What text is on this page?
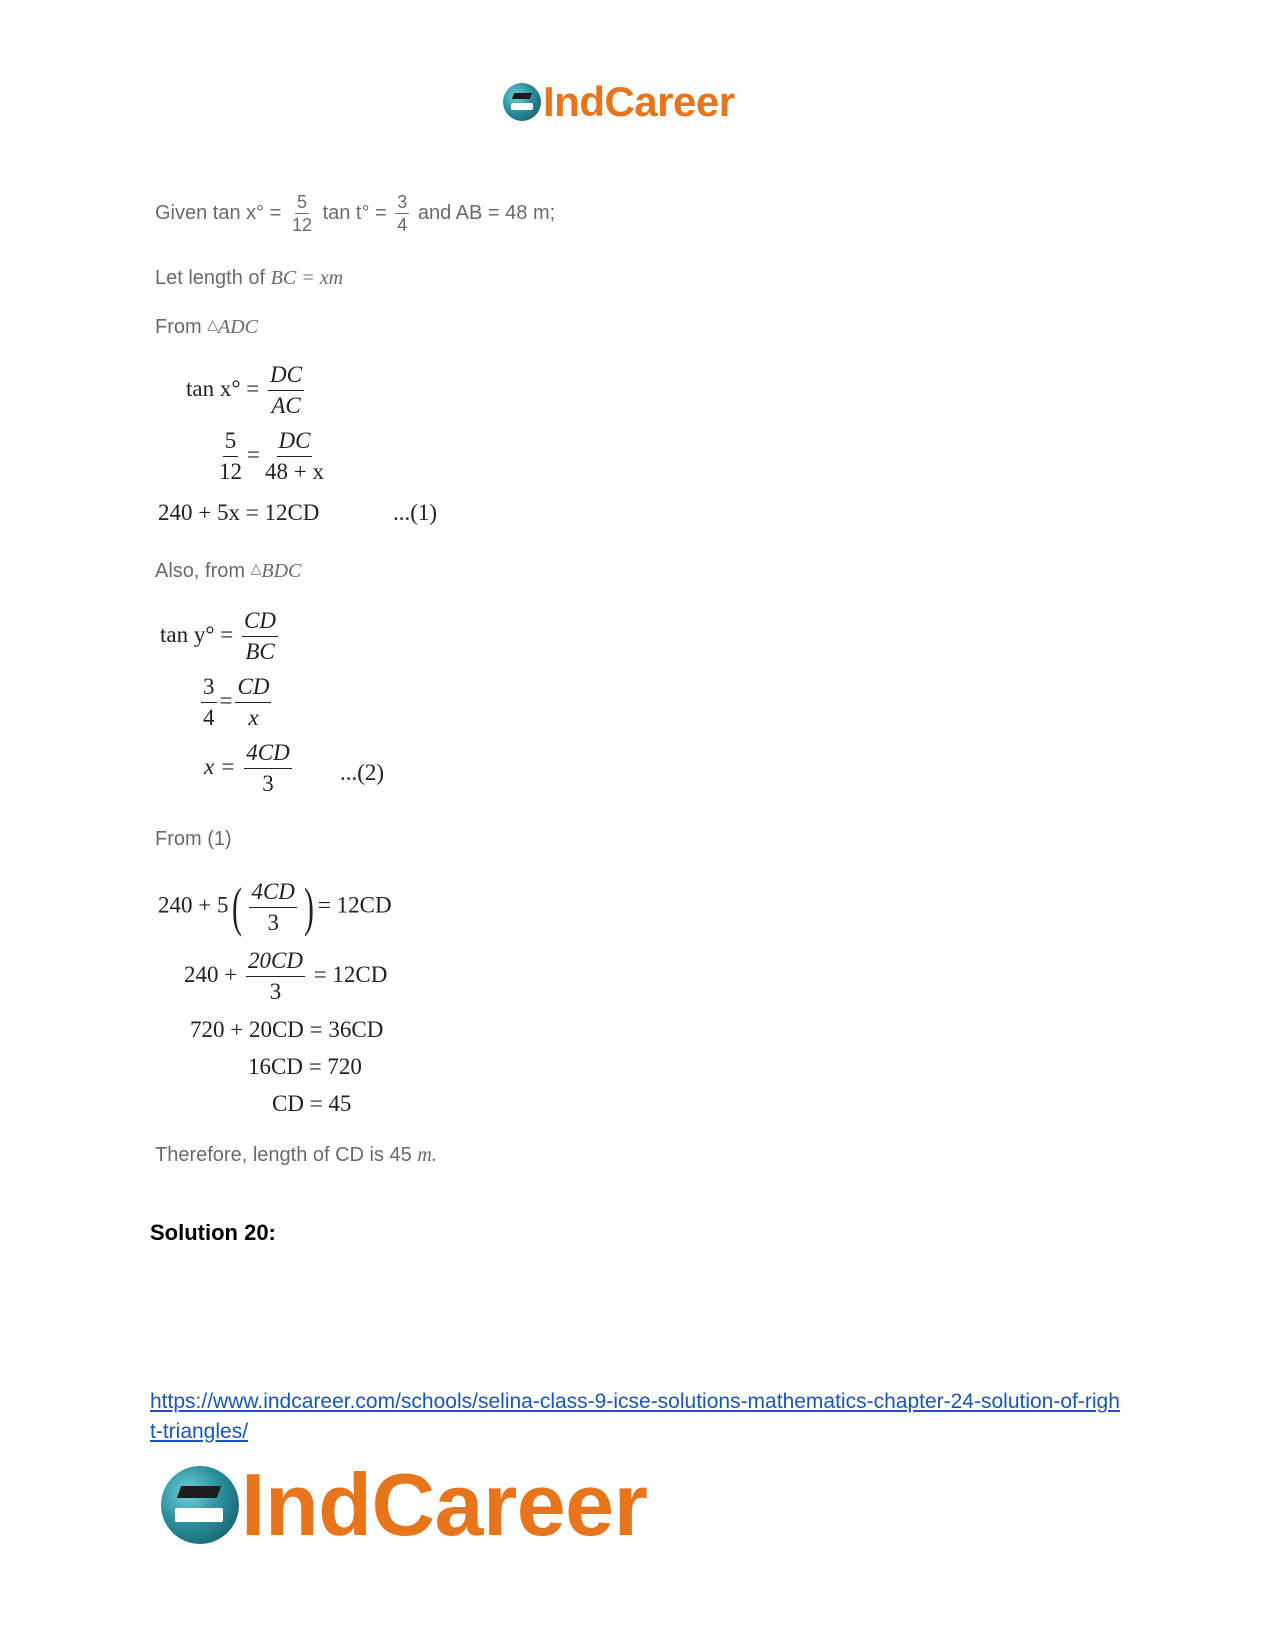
IndCareer
Given $\tan x^\circ = \frac{5}{12}$ $\tan t^\circ = \frac{3}{4}$ and AB = 48 m;
Let length of BC = xm
From △ADC
$\tan x^\circ = \frac{DC}{AC}$
$\frac{5}{12} = \frac{DC}{48 + x}$
240 + 5x = 12CD	...(1)
Also, from △BDC
$\tan y^\circ = \frac{CD}{BC}$
$\frac{3}{4} = \frac{CD}{x}$
$x = \frac{4CD}{3} ...(2)$
From (1)
$240 + 5( \frac{4CD}{3}$ ) = 12CD
$240 + \frac{20CD}{3} = 12CD$
720 + 20CD = 36CD
16CD = 720
CD = 45
Therefore, length of CD is 45 m.
Solution 20:
https://www.indcareer.com/schools/selina-class-9-icse-solutions-mathematics-chapter-24-solution-of-right-triangles/
IndCareer
